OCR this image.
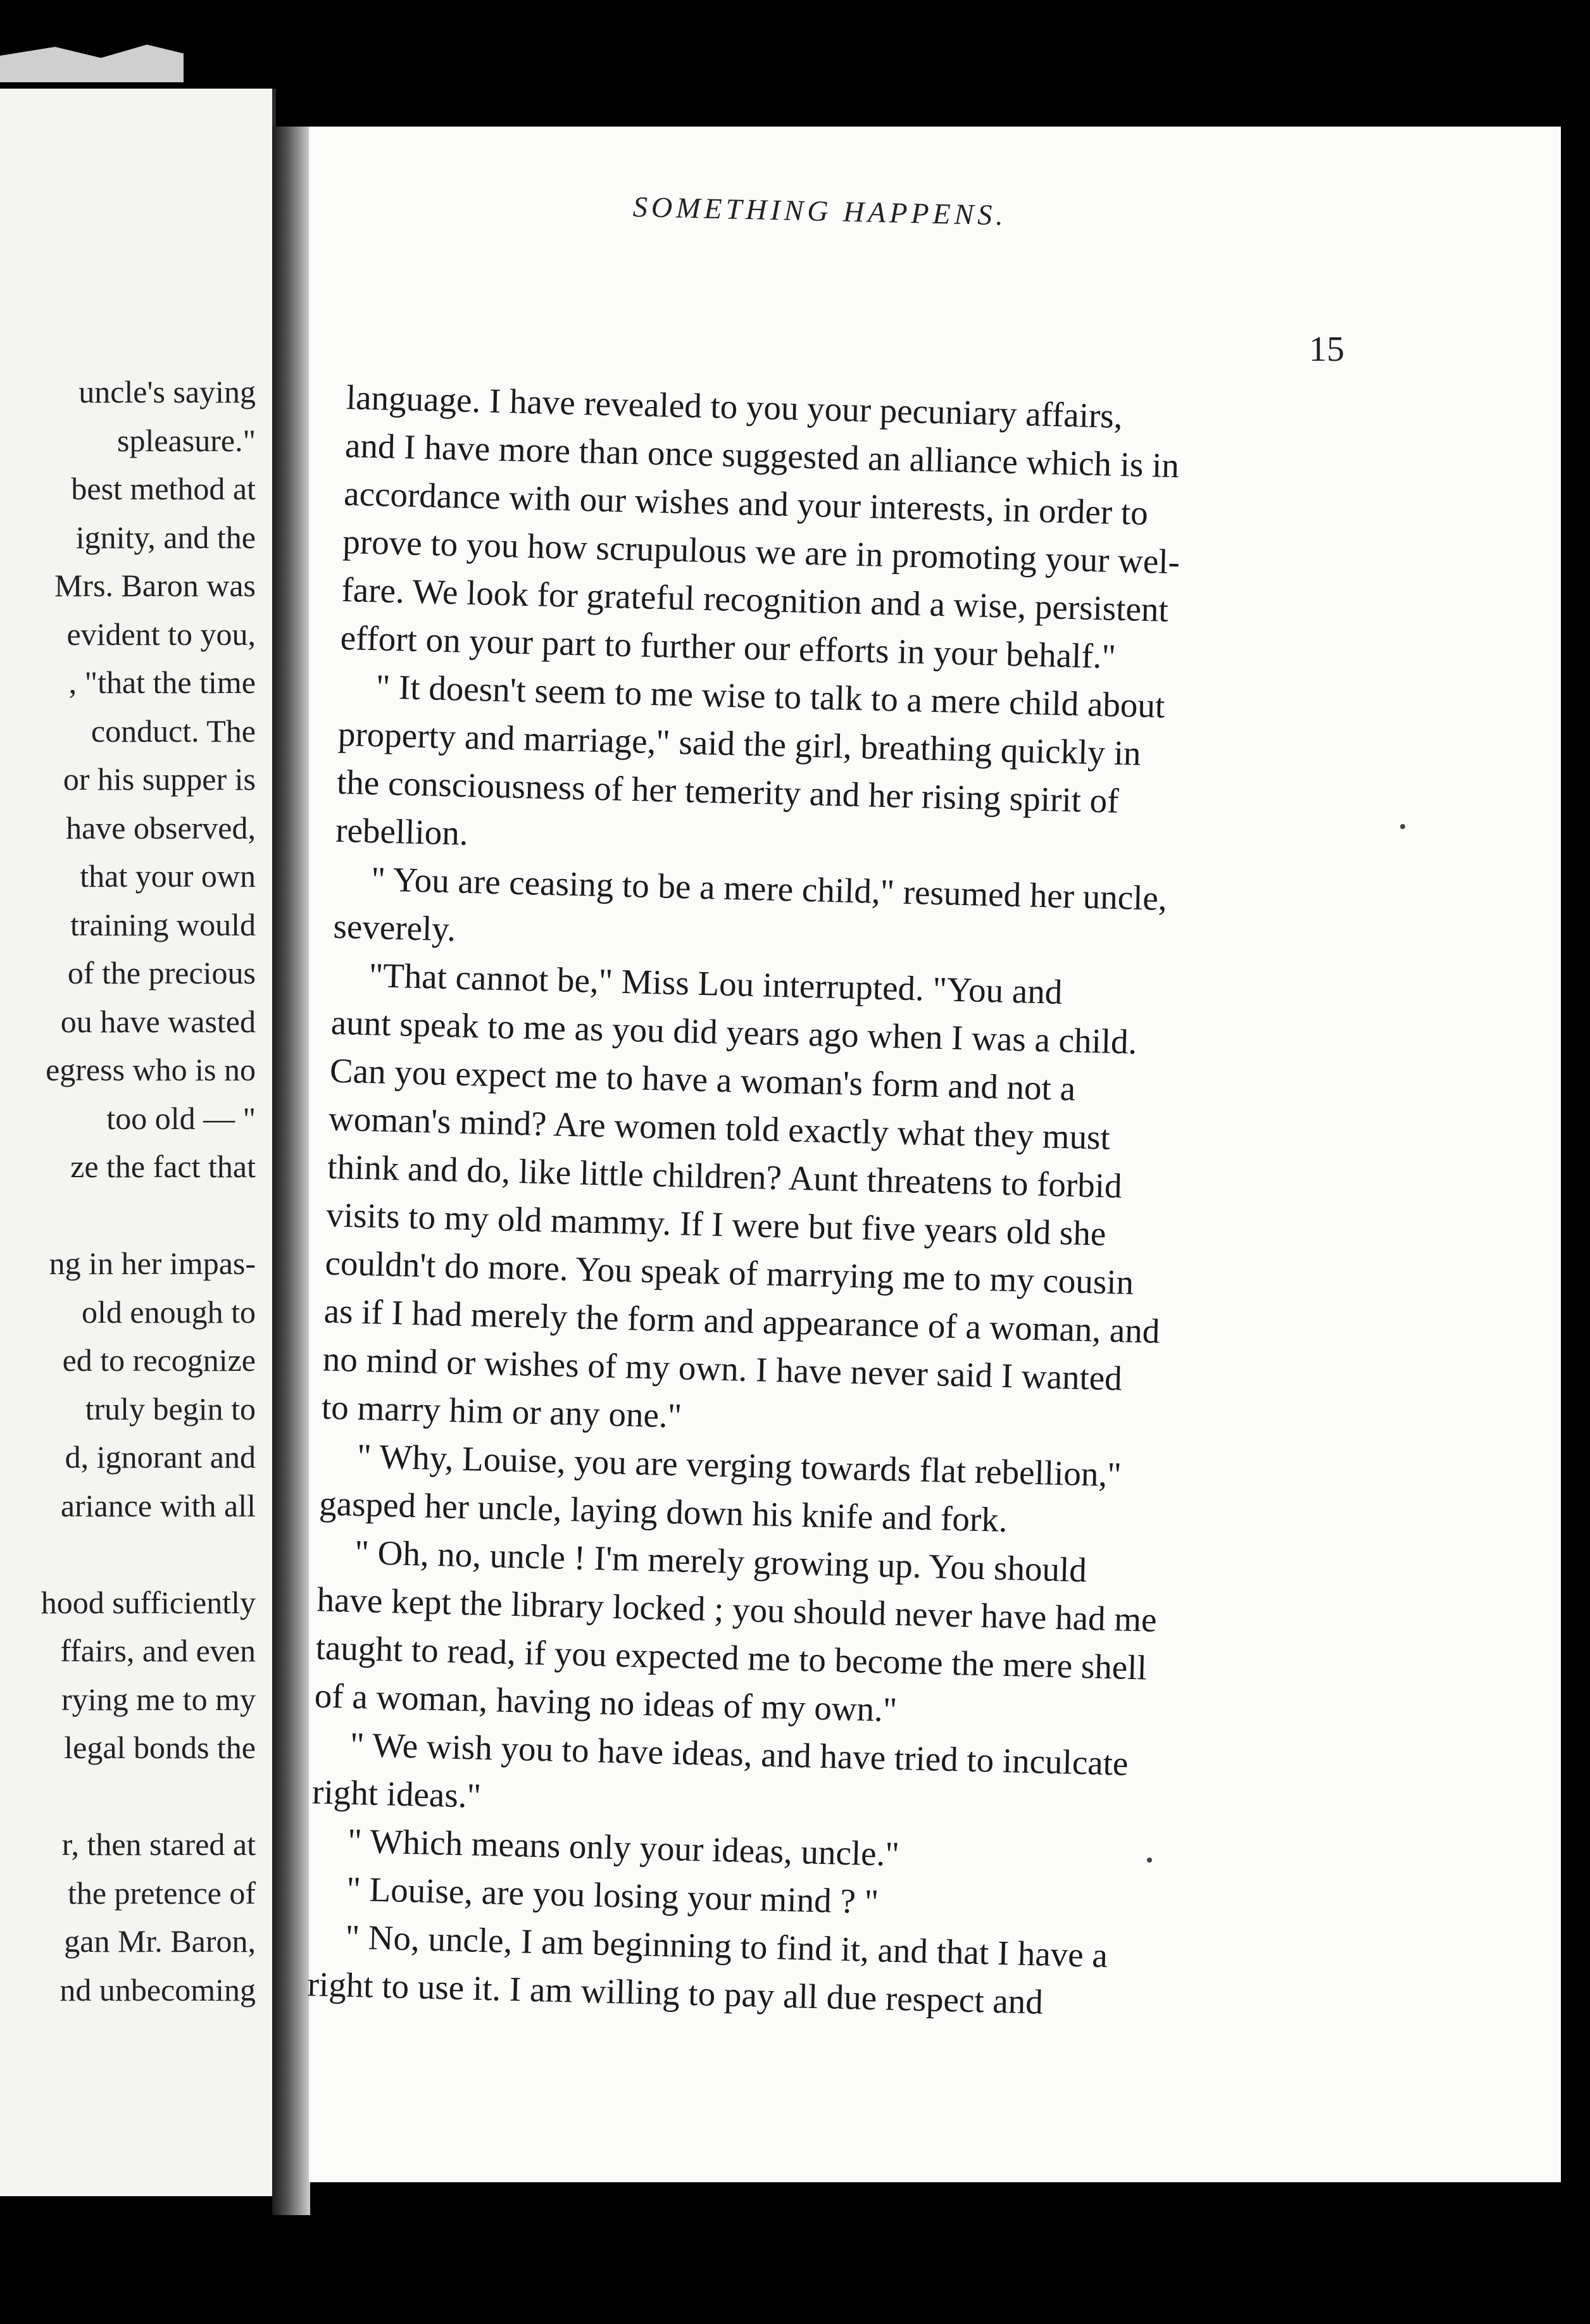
uncle's saying
spleasure."
best method at
ignity, and the
Mrs. Baron was
evident to you,
, "that the time
conduct. The
or his supper is
have observed,
that your own
training would
of the precious
ou have wasted
egress who is no
too old — "
ze the fact that
ng in her impas-
old enough to
ed to recognize
truly begin to
d, ignorant and
ariance with all
hood sufficiently
ffairs, and even
rying me to my
legal bonds the
r, then stared at
the pretence of
gan Mr. Baron,
nd unbecoming
SOMETHING HAPPENS.
15
language. I have revealed to you your pecuniary affairs,
and I have more than once suggested an alliance which is in
accordance with our wishes and your interests, in order to
prove to you how scrupulous we are in promoting your wel-
fare. We look for grateful recognition and a wise, persistent
effort on your part to further our efforts in your behalf."
" It doesn't seem to me wise to talk to a mere child about
property and marriage," said the girl, breathing quickly in
the consciousness of her temerity and her rising spirit of
rebellion.
" You are ceasing to be a mere child," resumed her uncle,
severely.
"That cannot be," Miss Lou interrupted. "You and
aunt speak to me as you did years ago when I was a child.
Can you expect me to have a woman's form and not a
woman's mind? Are women told exactly what they must
think and do, like little children? Aunt threatens to forbid
visits to my old mammy. If I were but five years old she
couldn't do more. You speak of marrying me to my cousin
as if I had merely the form and appearance of a woman, and
no mind or wishes of my own. I have never said I wanted
to marry him or any one."
" Why, Louise, you are verging towards flat rebellion,"
gasped her uncle, laying down his knife and fork.
" Oh, no, uncle ! I'm merely growing up. You should
have kept the library locked ; you should never have had me
taught to read, if you expected me to become the mere shell
of a woman, having no ideas of my own."
" We wish you to have ideas, and have tried to inculcate
right ideas."
" Which means only your ideas, uncle."
" Louise, are you losing your mind ? "
" No, uncle, I am beginning to find it, and that I have a
right to use it. I am willing to pay all due respect and
